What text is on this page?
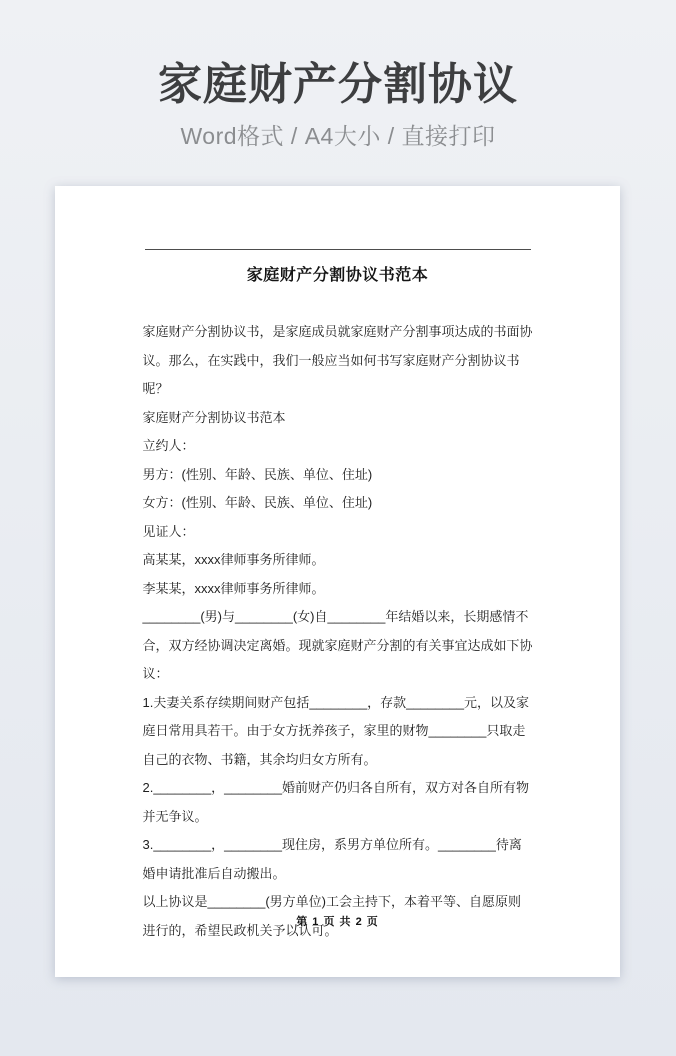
家庭财产分割协议
Word格式 / A4大小 / 直接打印
家庭财产分割协议书范本

家庭财产分割协议书，是家庭成员就家庭财产分割事项达成的书面协议。那么，在实践中，我们一般应当如何书写家庭财产分割协议书呢？

家庭财产分割协议书范本

立约人：

男方：(性别、年龄、民族、单位、住址)

女方：(性别、年龄、民族、单位、住址)

见证人：

高某某，xxxx律师事务所律师。

李某某，xxxx律师事务所律师。

________(男)与________(女)自________年结婚以来，长期感情不合，双方经协调决定离婚。现就家庭财产分割的有关事宜达成如下协议：

1.夫妻关系存续期间财产包括________，存款________元，以及家庭日常用具若干。由于女方抚养孩子，家里的财物________只取走自己的衣物、书籍，其余均归女方所有。

2.________，________婚前财产仍归各自所有，双方对各自所有物并无争议。

3.________，________现住房，系男方单位所有。________待离婚申请批准后自动搬出。

以上协议是________(男方单位)工会主持下，本着平等、自愿原则进行的，希望民政机关予以认可。

第 1 页 共 2 页
